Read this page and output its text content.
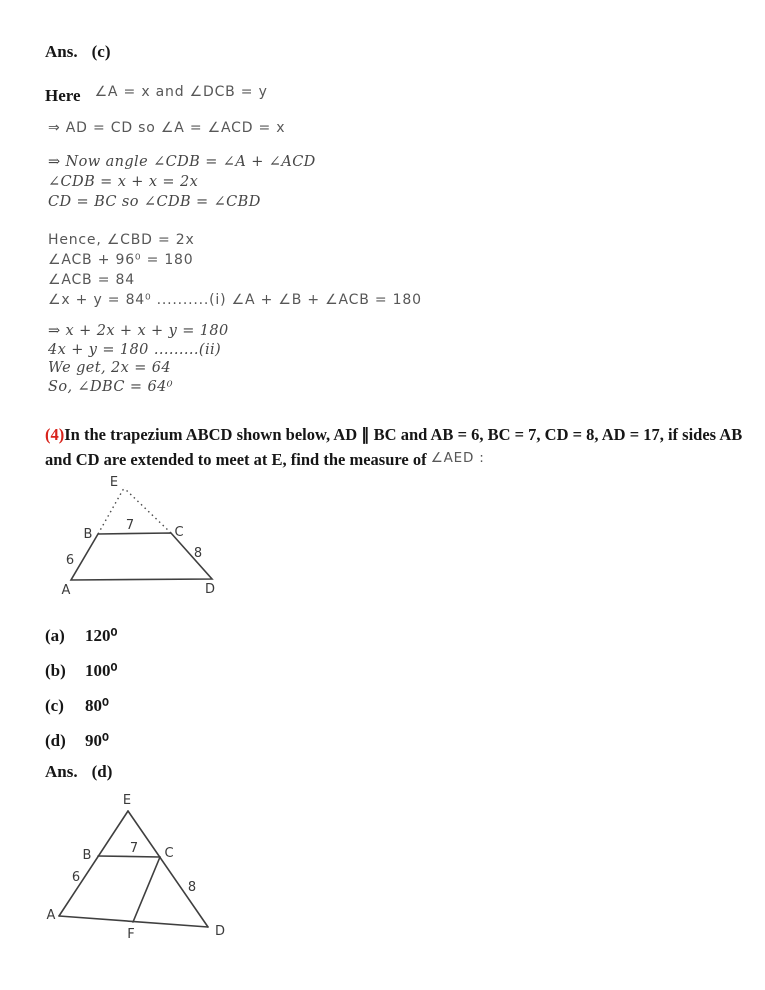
Ans. (c)
Here ∠A = x and ∠DCB = y
⇒ AD = CD so ∠A = ∠ACD = x
⇒ Now angle ∠CDB = ∠A + ∠ACD
∠CDB = x + x = 2x
CD = BC so ∠CDB = ∠CBD
Hence, ∠CBD = 2x
∠ACB + 96⁰ = 180
∠ACB = 84
∠x + y = 84⁰ ..........(i) ∠A + ∠B + ∠ACB = 180
⇒ x + 2x + x + y = 180
4x + y = 180 .........(ii)
We get, 2x = 64
So, ∠DBC = 64⁰

(4)In the trapezium ABCD shown below, AD ∥ BC and AB = 6, BC = 7, CD = 8, AD = 17, if sides AB and CD are extended to meet at E, find the measure of ∠AED :

E
B	C
A	D
7
6	8
(a)	120⁰
(b)	100⁰
(c)	80⁰
(d)	90⁰
Ans. (d)
E
B	C
A
F	D
7
6
8
